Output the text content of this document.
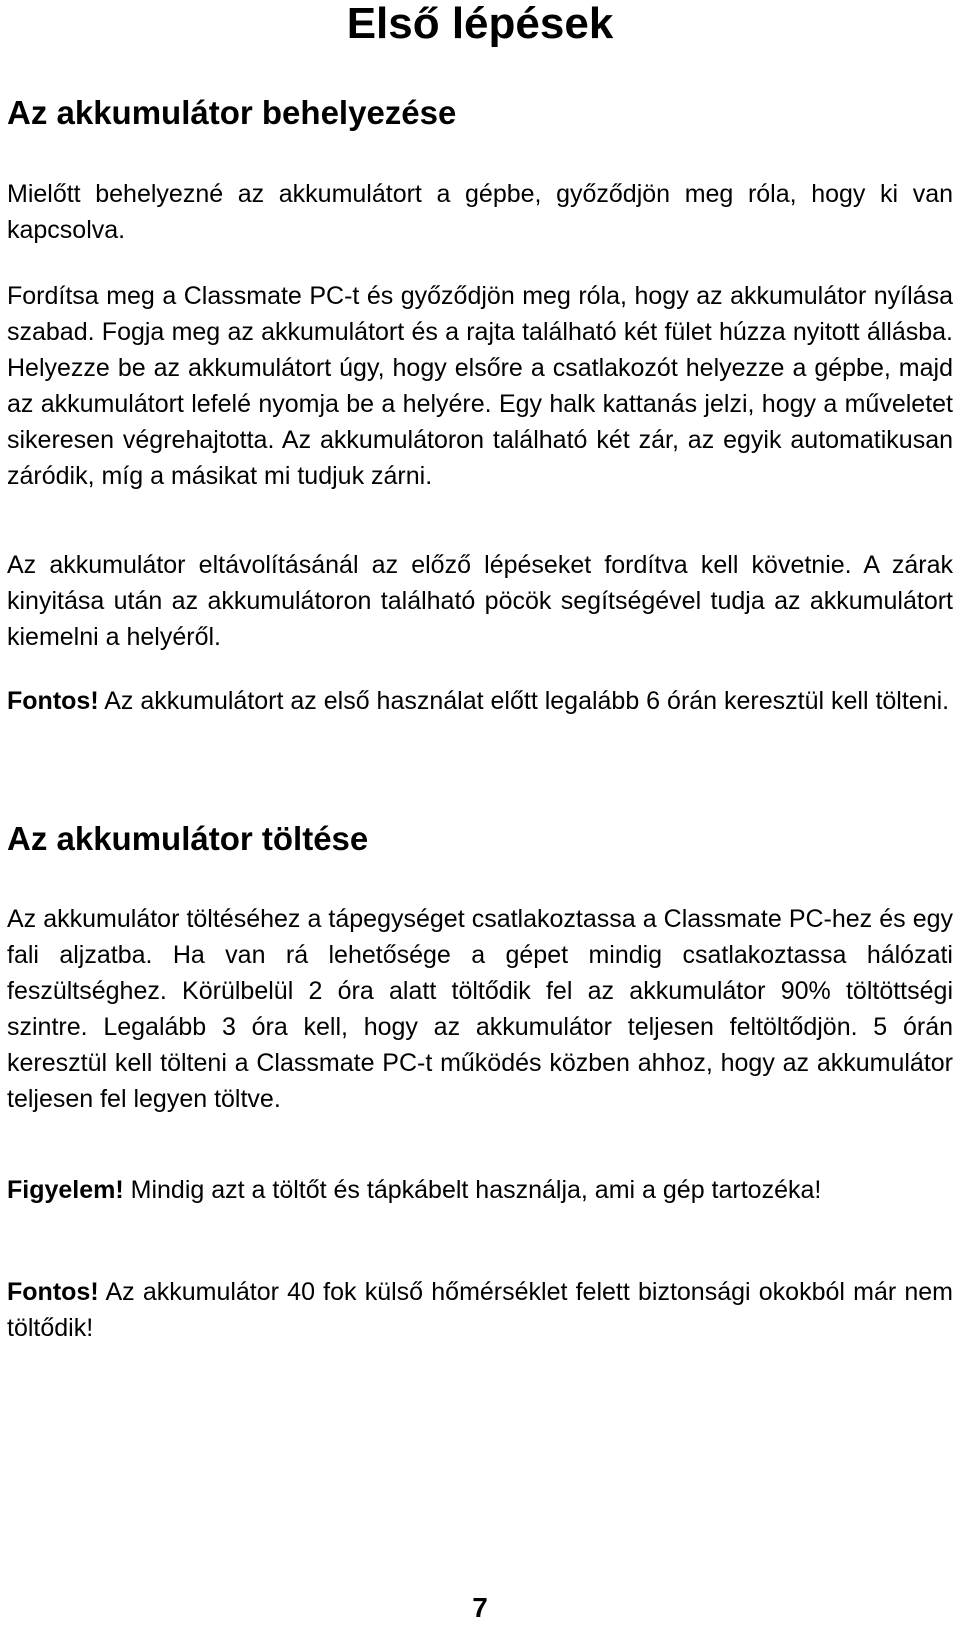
Első lépések
Az akkumulátor behelyezése

Mielőtt behelyezné az akkumulátort a gépbe, győződjön meg róla, hogy ki van kapcsolva.

Fordítsa meg a Classmate PC-t és győződjön meg róla, hogy az akkumulátor nyílása szabad. Fogja meg az akkumulátort és a rajta található két fület húzza nyitott állásba. Helyezze be az akkumulátort úgy, hogy elsőre a csatlakozót helyezze a gépbe, majd az akkumulátort lefelé nyomja be a helyére. Egy halk kattanás jelzi, hogy a műveletet sikeresen végrehajtotta. Az akkumulátoron található két zár, az egyik automatikusan záródik, míg a másikat mi tudjuk zárni.

Az akkumulátor eltávolításánál az előző lépéseket fordítva kell követnie. A zárak kinyitása után az akkumulátoron található pöcök segítségével tudja az akkumulátort kiemelni a helyéről.

Fontos! Az akkumulátort az első használat előtt legalább 6 órán keresztül kell tölteni.

Az akkumulátor töltése

Az akkumulátor töltéséhez a tápegységet csatlakoztassa a Classmate PC-hez és egy fali aljzatba. Ha van rá lehetősége a gépet mindig csatlakoztassa hálózati feszültséghez. Körülbelül 2 óra alatt töltődik fel az akkumulátor 90% töltöttségi szintre. Legalább 3 óra kell, hogy az akkumulátor teljesen feltöltődjön. 5 órán keresztül kell tölteni a Classmate PC-t működés közben ahhoz, hogy az akkumulátor teljesen fel legyen töltve.

Figyelem! Mindig azt a töltőt és tápkábelt használja, ami a gép tartozéka!

Fontos! Az akkumulátor 40 fok külső hőmérséklet felett biztonsági okokból már nem töltődik!

7
